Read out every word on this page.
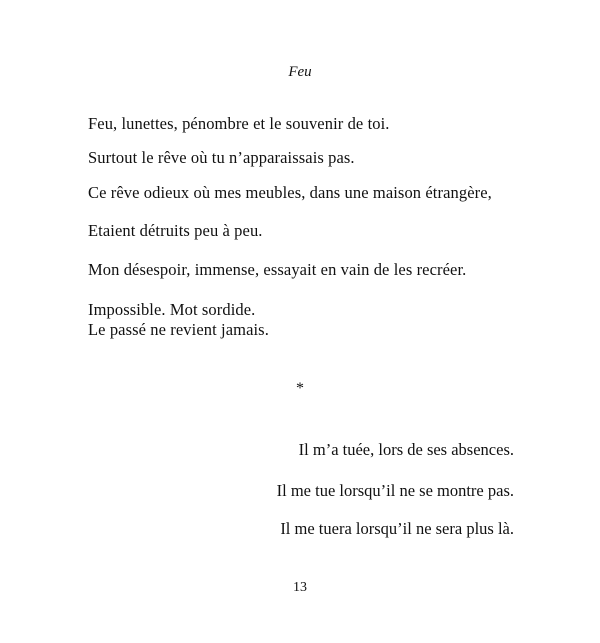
Feu
Feu, lunettes, pénombre et le souvenir de toi.
Surtout le rêve où tu n’apparaissais pas.
Ce rêve odieux où mes meubles, dans une maison étrangère,
Etaient détruits peu à peu.
Mon désespoir, immense, essayait en vain de les recréer.
Impossible. Mot sordide.
Le passé ne revient jamais.
*
Il m’a tuée, lors de ses absences.
Il me tue lorsqu’il ne se montre pas.
Il me tuera lorsqu’il ne sera plus là.
13
